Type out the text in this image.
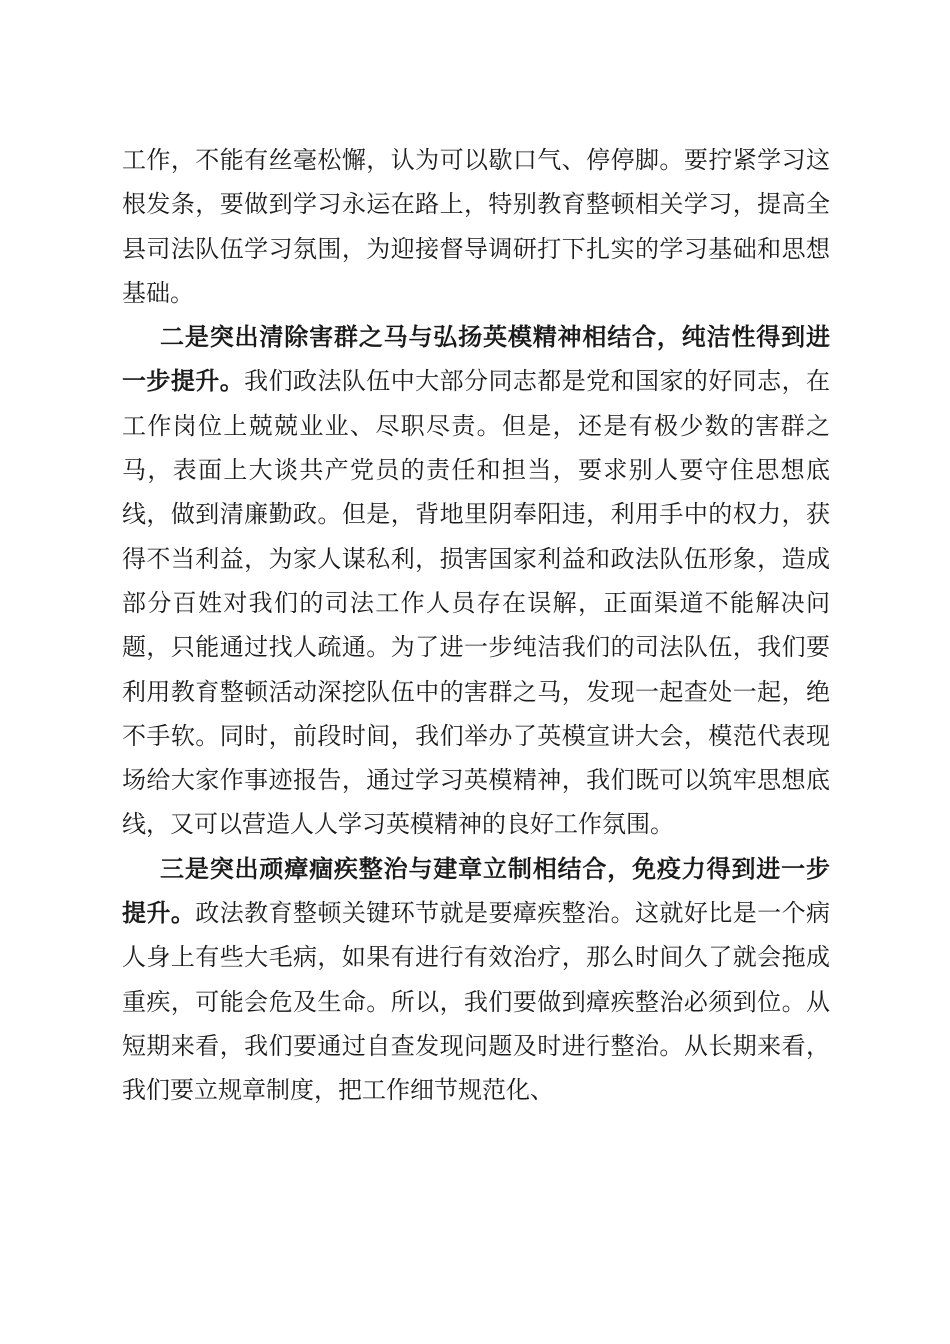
工作，不能有丝毫松懈，认为可以歇口气、停停脚。要拧紧学习这根发条，要做到学习永运在路上，特别教育整顿相关学习，提高全县司法队伍学习氛围，为迎接督导调研打下扎实的学习基础和思想基础。

二是突出清除害群之马与弘扬英模精神相结合，纯洁性得到进一步提升。我们政法队伍中大部分同志都是党和国家的好同志，在工作岗位上兢兢业业、尽职尽责。但是，还是有极少数的害群之马，表面上大谈共产党员的责任和担当，要求别人要守住思想底线，做到清廉勤政。但是，背地里阴奉阳违，利用手中的权力，获得不当利益，为家人谋私利，损害国家利益和政法队伍形象，造成部分百姓对我们的司法工作人员存在误解，正面渠道不能解决问题，只能通过找人疏通。为了进一步纯洁我们的司法队伍，我们要利用教育整顿活动深挖队伍中的害群之马，发现一起查处一起，绝不手软。同时，前段时间，我们举办了英模宣讲大会，模范代表现场给大家作事迹报告，通过学习英模精神，我们既可以筑牢思想底线，又可以营造人人学习英模精神的良好工作氛围。

三是突出顽瘴痼疾整治与建章立制相结合，免疫力得到进一步提升。政法教育整顿关键环节就是要瘴疾整治。这就好比是一个病人身上有些大毛病，如果有进行有效治疗，那么时间久了就会拖成重疾，可能会危及生命。所以，我们要做到瘴疾整治必须到位。从短期来看，我们要通过自查发现问题及时进行整治。从长期来看，我们要立规章制度，把工作细节规范化、
